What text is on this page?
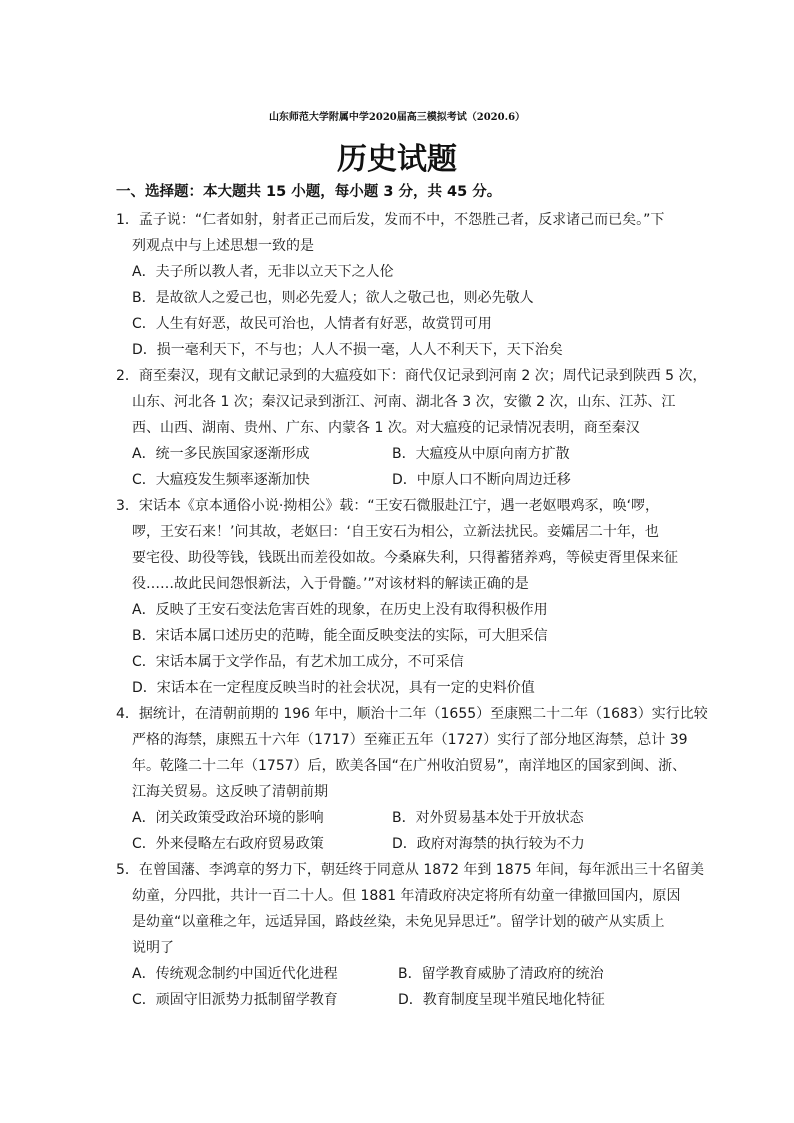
山东师范大学附属中学2020届高三模拟考试（2020.6）
历史试题
一、选择题：本大题共 15 小题，每小题 3 分，共 45 分。
1．孟子说：“仁者如射，射者正己而后发，发而不中，不怨胜己者，反求诸己而已矣。”下
列观点中与上述思想一致的是
A．夫子所以教人者，无非以立天下之人伦
B．是故欲人之爱己也，则必先爱人；欲人之敬己也，则必先敬人
C．人生有好恶，故民可治也，人情者有好恶，故赏罚可用
D．损一毫利天下，不与也；人人不损一毫，人人不利天下，天下治矣
2．商至秦汉，现有文献记录到的大瘟疫如下：商代仅记录到河南 2 次；周代记录到陕西 5 次，
山东、河北各 1 次；秦汉记录到浙江、河南、湖北各 3 次，安徽 2 次，山东、江苏、江
西、山西、湖南、贵州、广东、内蒙各 1 次。对大瘟疫的记录情况表明，商至秦汉
A．统一多民族国家逐渐形成	B．大瘟疫从中原向南方扩散
C．大瘟疫发生频率逐渐加快	D．中原人口不断向周边迁移
3．宋话本《京本通俗小说·拗相公》载：“王安石微服赴江宁，遇一老妪喂鸡豕，唤‘啰，
啰，王安石来！’问其故，老妪曰：‘自王安石为相公，立新法扰民。妾孀居二十年，也
要宅役、助役等钱，钱既出而差役如故。今桑麻失利，只得蓄猪养鸡，等候吏胥里保来征
役……故此民间怨恨新法，入于骨髓。’”对该材料的解读正确的是
A．反映了王安石变法危害百姓的现象，在历史上没有取得积极作用
B．宋话本属口述历史的范畴，能全面反映变法的实际，可大胆采信
C．宋话本属于文学作品，有艺术加工成分，不可采信
D．宋话本在一定程度反映当时的社会状况，具有一定的史料价值
4．据统计，在清朝前期的 196 年中，顺治十二年（1655）至康熙二十二年（1683）实行比较
严格的海禁，康熙五十六年（1717）至雍正五年（1727）实行了部分地区海禁，总计 39
年。乾隆二十二年（1757）后，欧美各国“在广州收泊贸易”，南洋地区的国家到闽、浙、
江海关贸易。这反映了清朝前期
A．闭关政策受政治环境的影响	B．对外贸易基本处于开放状态
C．外来侵略左右政府贸易政策	D．政府对海禁的执行较为不力
5．在曾国藩、李鸿章的努力下，朝廷终于同意从 1872 年到 1875 年间，每年派出三十名留美
幼童，分四批，共计一百二十人。但 1881 年清政府决定将所有幼童一律撤回国内，原因
是幼童“以童稚之年，远适异国，路歧丝染，未免见异思迁”。留学计划的破产从实质上
说明了
A．传统观念制约中国近代化进程	B．留学教育威胁了清政府的统治
C．顽固守旧派势力抵制留学教育	D．教育制度呈现半殖民地化特征
